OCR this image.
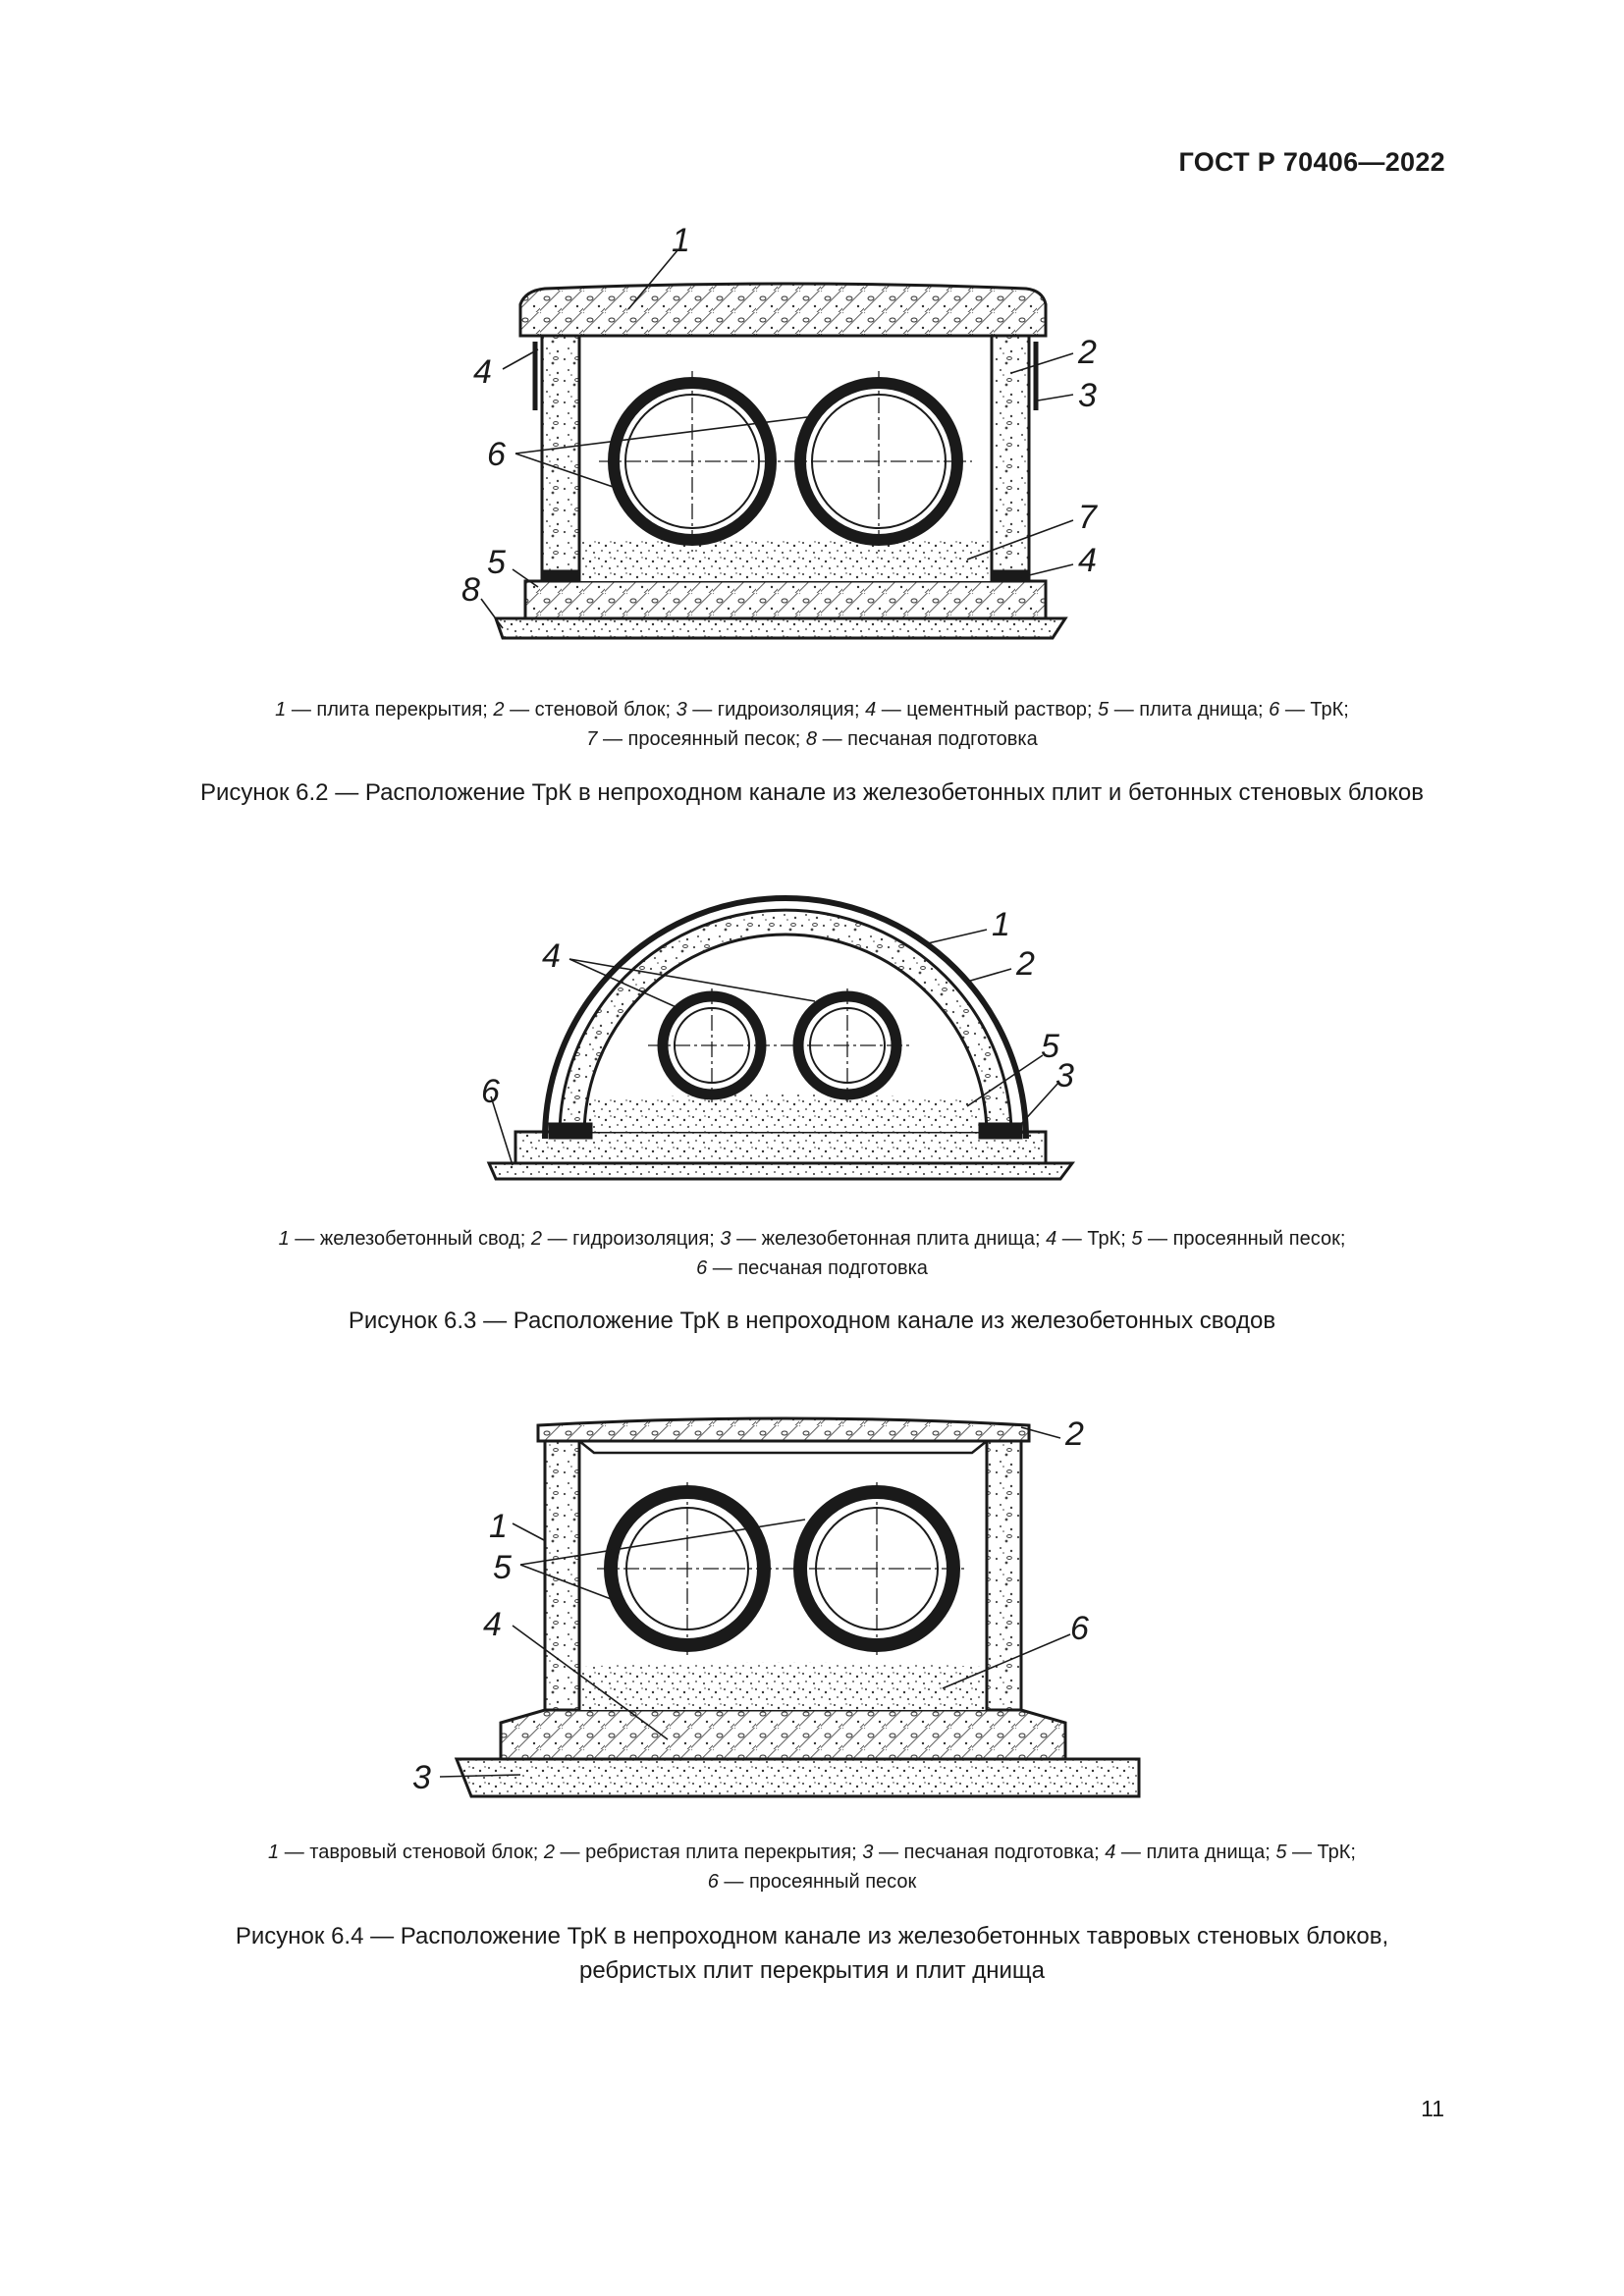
ГОСТ Р 70406—2022
1
2
3
4
6
7
4
5
8
1 — плита перекрытия; 2 — стеновой блок; 3 — гидроизоляция; 4 — цементный раствор; 5 — плита днища; 6 — ТрК;
7 — просеянный песок; 8 — песчаная подготовка
Рисунок 6.2 — Расположение ТрК в непроходном канале из железобетонных плит и бетонных стеновых блоков
4
1
2
5
3
6
1 — железобетонный свод; 2 — гидроизоляция; 3 — железобетонная плита днища; 4 — ТрК; 5 — просеянный песок;
6 — песчаная подготовка
Рисунок 6.3 — Расположение ТрК в непроходном канале из железобетонных сводов
2
1
5
4	6
3
1 — тавровый стеновой блок; 2 — ребристая плита перекрытия; 3 — песчаная подготовка; 4 — плита днища; 5 — ТрК;
6 — просеянный песок
Рисунок 6.4 — Расположение ТрК в непроходном канале из железобетонных тавровых стеновых блоков,
ребристых плит перекрытия и плит днища
11
